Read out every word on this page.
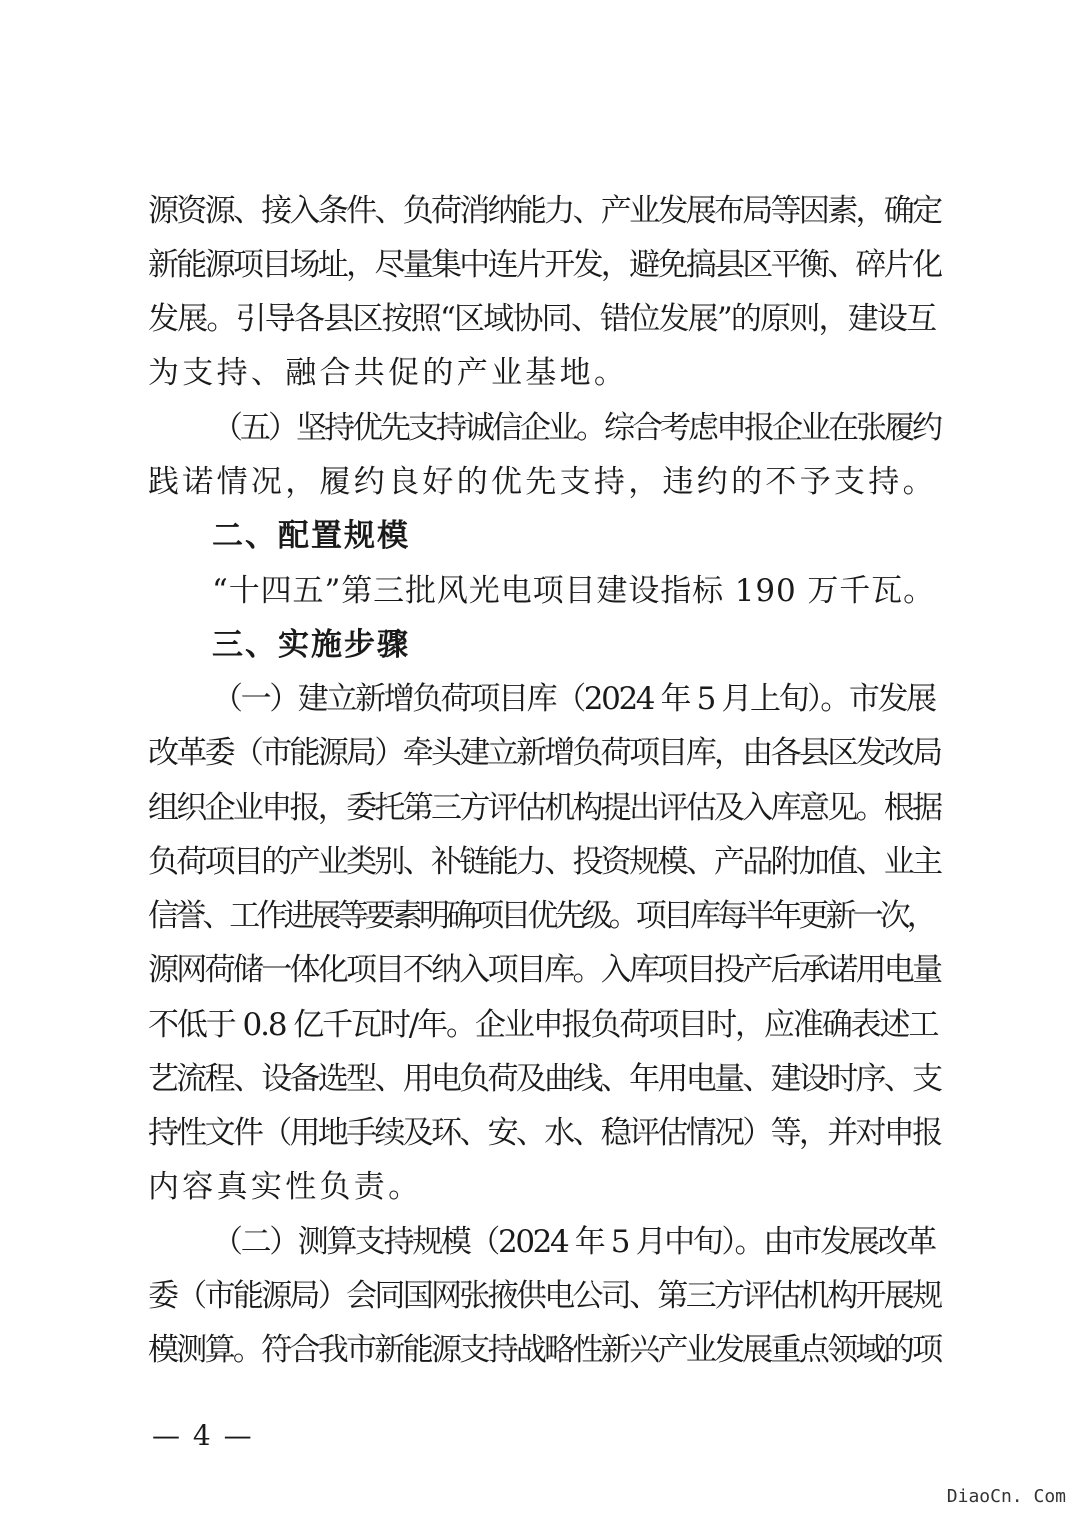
源资源、接入条件、负荷消纳能力、产业发展布局等因素，确定
新能源项目场址，尽量集中连片开发，避免搞县区平衡、碎片化
发展。引导各县区按照“区域协同、错位发展”的原则，建设互
为支持、融合共促的产业基地。
（五）坚持优先支持诚信企业。综合考虑申报企业在张履约
践诺情况，履约良好的优先支持，违约的不予支持。
二、配置规模
“十四五”第三批风光电项目建设指标 190 万千瓦。
三、实施步骤
（一）建立新增负荷项目库（2024 年 5 月上旬）。市发展
改革委（市能源局）牵头建立新增负荷项目库，由各县区发改局
组织企业申报，委托第三方评估机构提出评估及入库意见。根据
负荷项目的产业类别、补链能力、投资规模、产品附加值、业主
信誉、工作进展等要素明确项目优先级。项目库每半年更新一次，
源网荷储一体化项目不纳入项目库。入库项目投产后承诺用电量
不低于 0.8 亿千瓦时/年。企业申报负荷项目时，应准确表述工
艺流程、设备选型、用电负荷及曲线、年用电量、建设时序、支
持性文件（用地手续及环、安、水、稳评估情况）等，并对申报
内容真实性负责。
（二）测算支持规模（2024 年 5 月中旬）。由市发展改革
委（市能源局）会同国网张掖供电公司、第三方评估机构开展规
模测算。符合我市新能源支持战略性新兴产业发展重点领域的项
— 4 —
DiaoCn. Com
